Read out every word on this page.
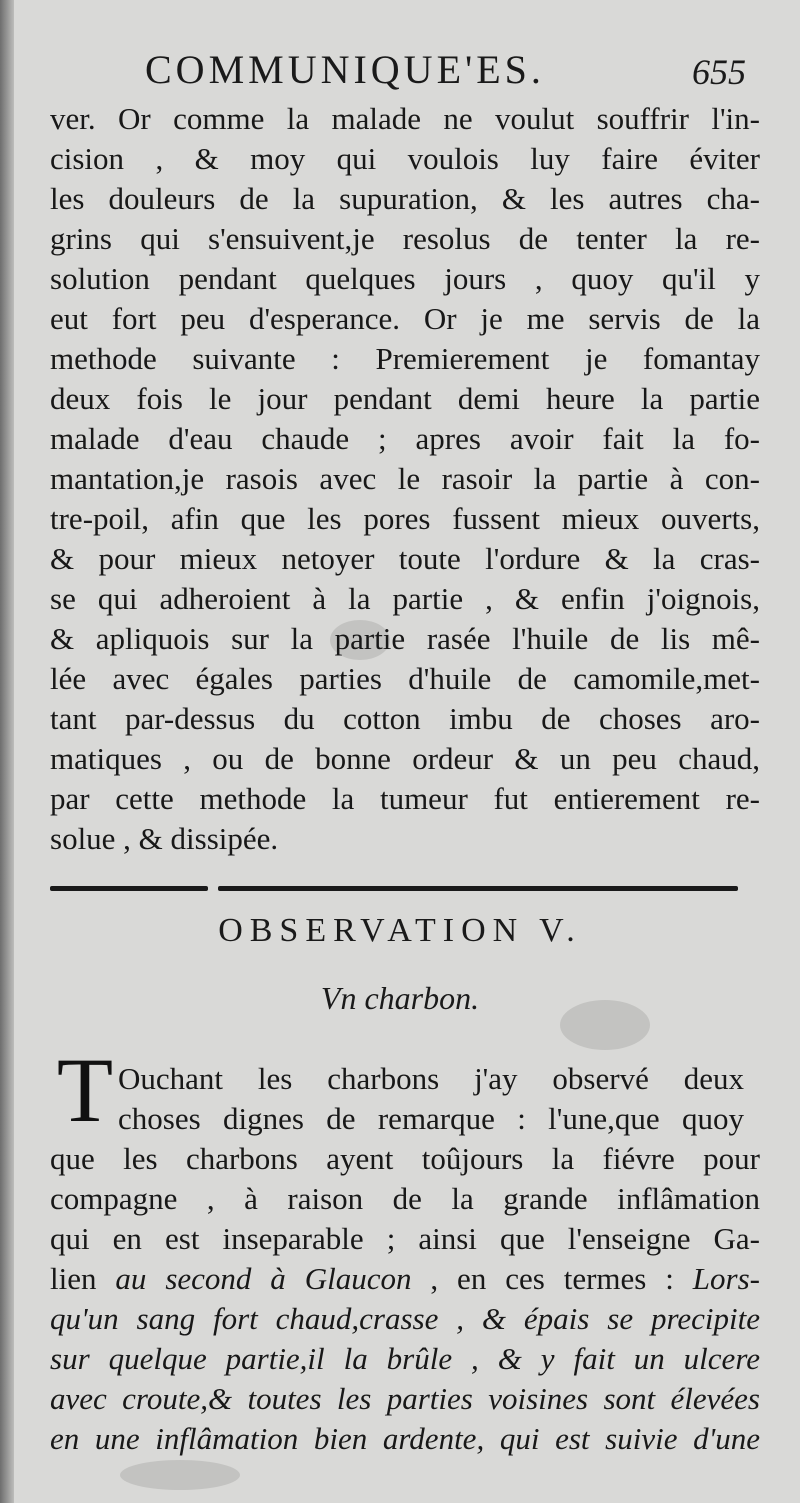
COMMUNIQUE'ES.	655
ver. Or comme la malade ne voulut souffrir l'in-
cision , & moy qui voulois luy faire éviter
les douleurs de la supuration, & les autres cha-
grins qui s'ensuivent,je resolus de tenter la re-
solution pendant quelques jours , quoy qu'il y
eut fort peu d'esperance. Or je me servis de la
methode suivante : Premierement je fomantay
deux fois le jour pendant demi heure la partie
malade d'eau chaude ; apres avoir fait la fo-
mantation,je rasois avec le rasoir la partie à con-
tre-poil, afin que les pores fussent mieux ouverts,
& pour mieux netoyer toute l'ordure & la cras-
se qui adheroient à la partie , & enfin j'oignois,
& apliquois sur la partie rasée l'huile de lis mê-
lée avec égales parties d'huile de camomile,met-
tant par-dessus du cotton imbu de choses aro-
matiques , ou de bonne ordeur & un peu chaud,
par cette methode la tumeur fut entierement re-
solue , & dissipée.
OBSERVATION V.
Vn charbon.
T Ouchant les charbons j'ay observé deux
choses dignes de remarque : l'une,que quoy
que les charbons ayent toûjours la fiévre pour
compagne , à raison de la grande inflâmation
qui en est inseparable ; ainsi que l'enseigne Ga-
lien au second à Glaucon , en ces termes : Lors-
qu'un sang fort chaud,crasse , & épais se precipite
sur quelque partie,il la brûle , & y fait un ulcere
avec croute,& toutes les parties voisines sont élevées
en une inflâmation bien ardente, qui est suivie d'une
